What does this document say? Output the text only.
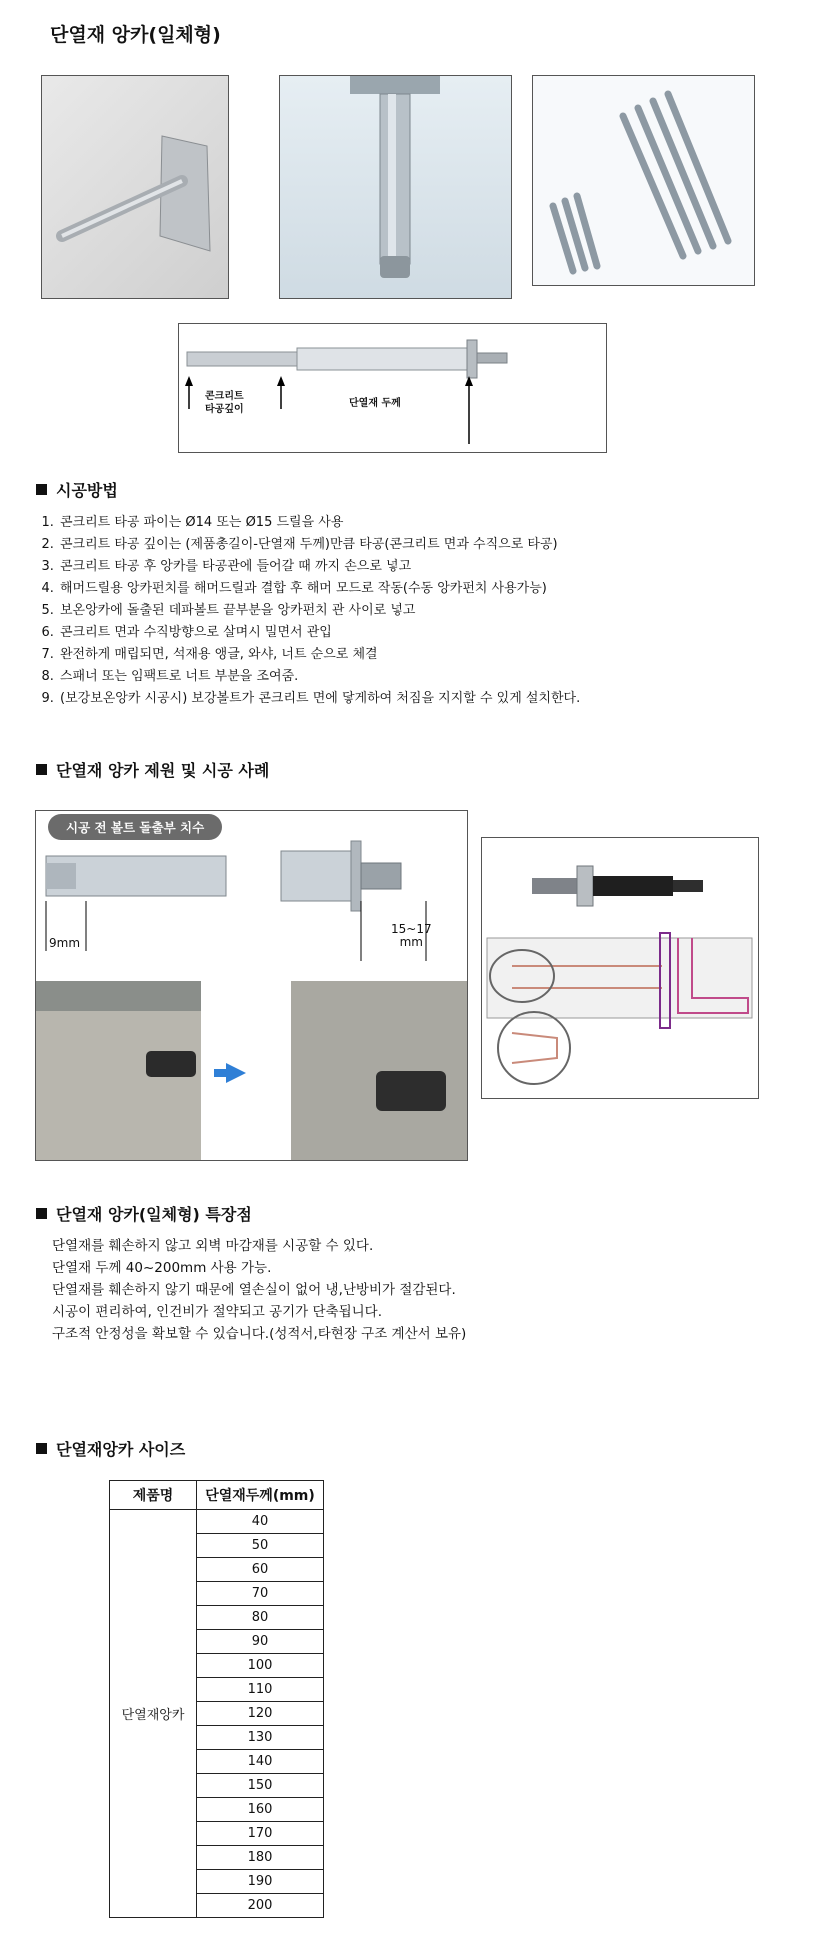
단열재 앙카(일체형)
콘크리트
타공깊이
단열재 두께
시공방법
1. 콘크리트 타공 파이는 Ø14 또는 Ø15 드릴을 사용
2. 콘크리트 타공 깊이는 (제품총길이-단열재 두께)만큼 타공(콘크리트 면과 수직으로 타공)
3. 콘크리트 타공 후 앙카를 타공관에 들어갈 때 까지 손으로 넣고
4. 해머드릴용 앙카펀치를 해머드릴과 결합 후 해머 모드로 작동(수동 앙카펀치 사용가능)
5. 보온앙카에 돌출된 데파볼트 끝부분을 앙카펀치 관 사이로 넣고
6. 콘크리트 면과 수직방향으로 살며시 밀면서 관입
7. 완전하게 매립되면, 석재용 앵글, 와샤, 너트 순으로 체결
8. 스패너 또는 임팩트로 너트 부분을 조여줌.
9. (보강보온앙카 시공시) 보강볼트가 콘크리트 면에 닿게하여 처짐을 지지할 수 있게 설치한다.
단열재 앙카 제원 및 시공 사례
시공 전 볼트 돌출부 치수
9mm
15~17
mm
단열재 앙카(일체형) 특장점

단열재를 훼손하지 않고 외벽 마감재를 시공할 수 있다.

단열재 두께 40~200mm 사용 가능.

단열재를 훼손하지 않기 때문에 열손실이 없어 냉,난방비가 절감된다.

시공이 편리하여, 인건비가 절약되고 공기가 단축됩니다.

구조적 안정성을 확보할 수 있습니다.(성적서,타현장 구조 계산서 보유)

단열재앙카 사이즈
제품명	단열재두께(mm)
단열재앙카	40
	50
	60
	70
	80
	90
	100
	110
	120
	130
	140
	150
	160
	170
	180
	190
	200
